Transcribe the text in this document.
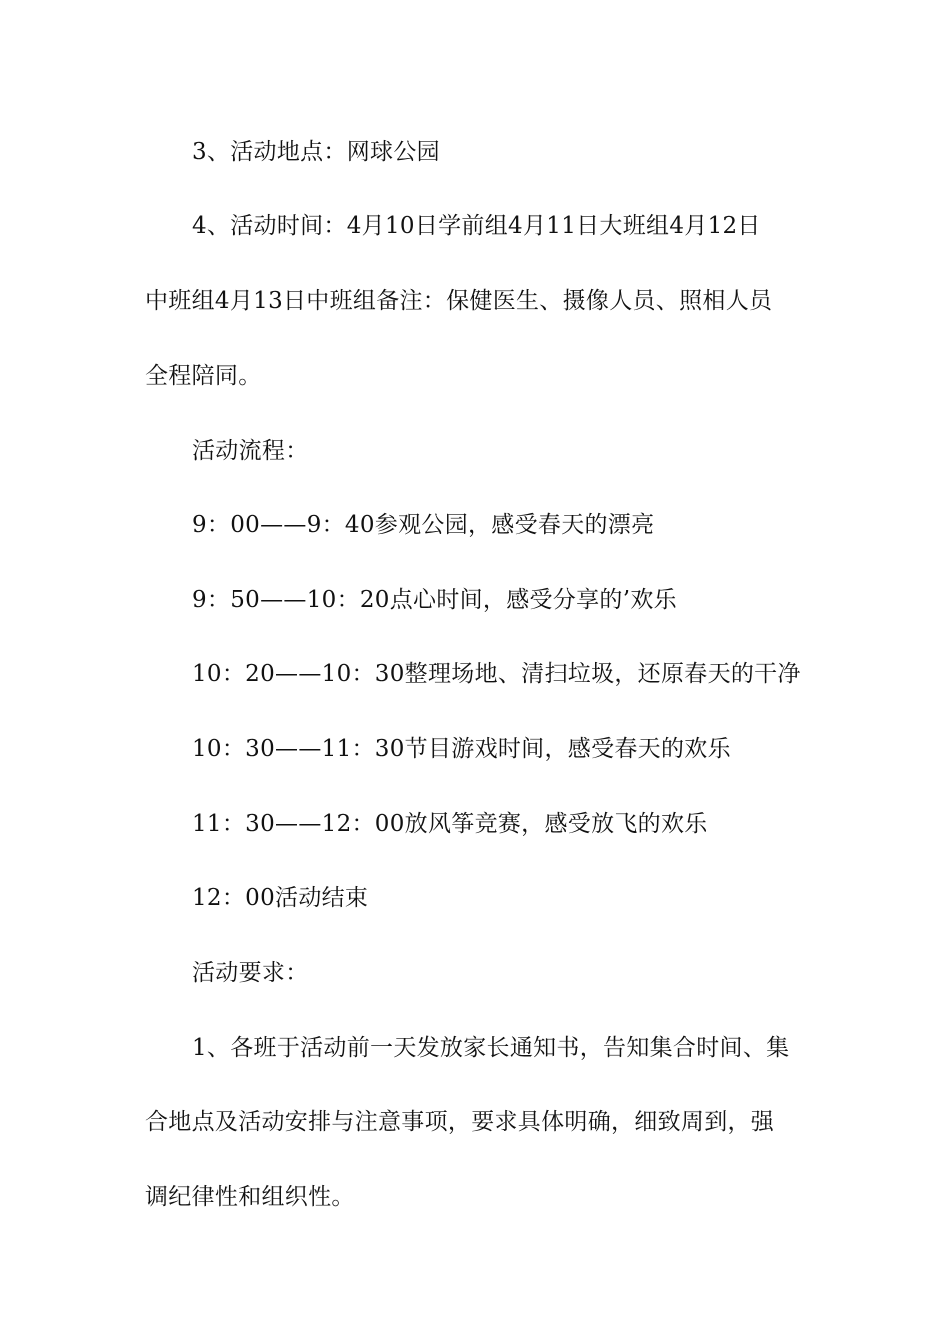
3、活动地点：网球公园
4、活动时间：4月10日学前组4月11日大班组4月12日
中班组4月13日中班组备注：保健医生、摄像人员、照相人员
全程陪同。
活动流程：
9：00——9：40参观公园，感受春天的漂亮
9：50——10：20点心时间，感受分享的’欢乐
10：20——10：30整理场地、清扫垃圾，还原春天的干净
10：30——11：30节目游戏时间，感受春天的欢乐
11：30——12：00放风筝竞赛，感受放飞的欢乐
12：00活动结束
活动要求：
1、各班于活动前一天发放家长通知书，告知集合时间、集
合地点及活动安排与注意事项，要求具体明确，细致周到，强
调纪律性和组织性。
